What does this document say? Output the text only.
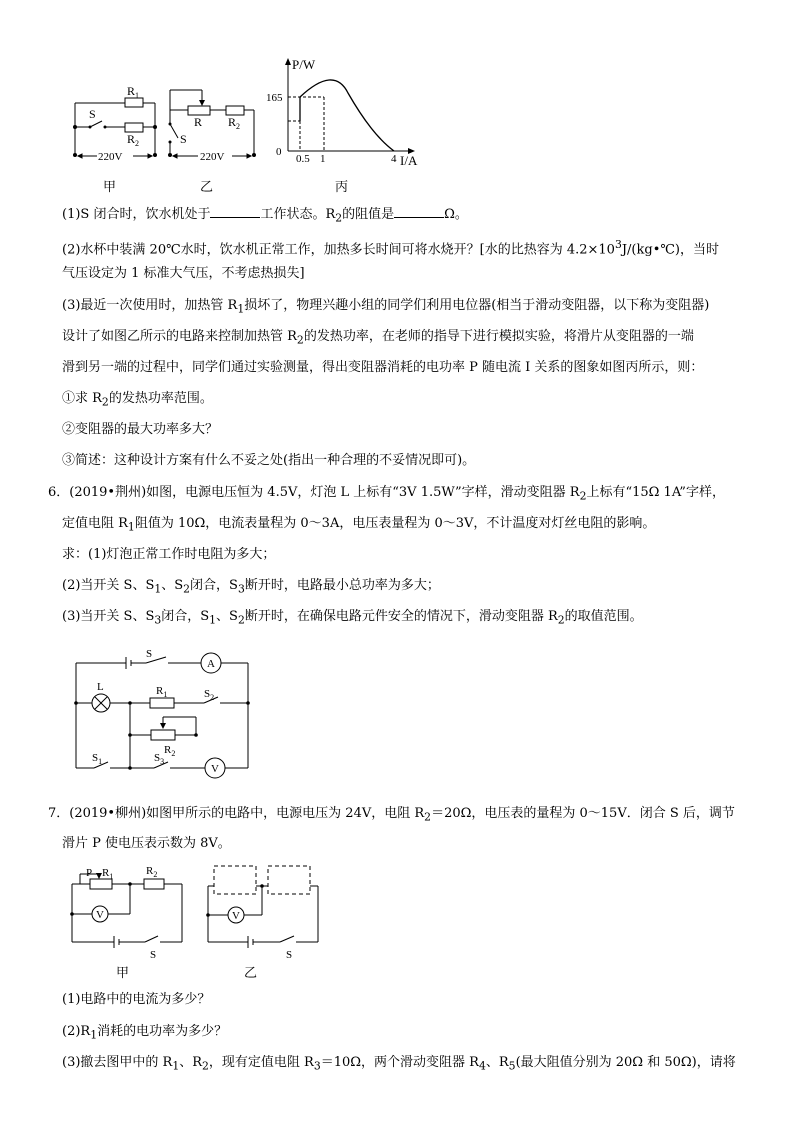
S
$R_1$
$R_2$
220V
甲
R
S
$R_2$
220V
乙
P/W
I/A
165
0
0.5 1	4
丙
(1)S 闭合时，饮水机处于	工作状态。$R_2$的阻值是	Ω。
(2)水杯中装满 20℃水时，饮水机正常工作，加热多长时间可将水烧开？[水的比热容为 $4.2\times 10^3J/(kg•℃)$，当时
气压设定为 1 标准大气压，不考虑热损失]
(3)最近一次使用时，加热管 $R_1$损坏了，物理兴趣小组的同学们利用电位器(相当于滑动变阻器，以下称为变阻器)
设计了如图乙所示的电路来控制加热管 $R_2$的发热功率，在老师的指导下进行模拟实验，将滑片从变阻器的一端
滑到另一端的过程中，同学们通过实验测量，得出变阻器消耗的电功率 P 随电流 I 关系的图象如图丙所示，则：
①求 $R_2$的发热功率范围。
②变阻器的最大功率多大？
③简述：这种设计方案有什么不妥之处(指出一种合理的不妥情况即可)。
6．(2019•荆州)如图，电源电压恒为 4.5V，灯泡 L 上标有“3V 1.5W”字样，滑动变阻器 $R_2$上标有“15Ω 1A”字样，
定值电阻 $R_1$阻值为 10Ω，电流表量程为 0～3A，电压表量程为 0～3V，不计温度对灯丝电阻的影响。
求：(1)灯泡正常工作时电阻为多大；
(2)当开关 S、$S_1$、$S_2$闭合，$S_3$断开时，电路最小总功率为多大；
(3)当开关 S、$S_3$闭合，$S_1$、$S_2$断开时，在确保电路元件安全的情况下，滑动变阻器 $R_2$的取值范围。
S
A
L	$R_1$	$S_2$
$R_2$
$S_1$	$S_3$
V
7．(2019•柳州)如图甲所示的电路中，电源电压为 24V，电阻 $R_2=20\Omega$，电压表的量程为 0～15V．闭合 S 后，调节
滑片 P 使电压表示数为 8V。
P $R_1$	$R_2$
V
S
甲
V
S
乙
(1)电路中的电流为多少？
$(2)R_1$消耗的电功率为多少？
(3)撤去图甲中的 $R_1$、$R_2$，现有定值电阻 $R_3=10\Omega$，两个滑动变阻器 $R_4$、$R_5$(最大阻值分别为 20Ω 和 50Ω)，请将
